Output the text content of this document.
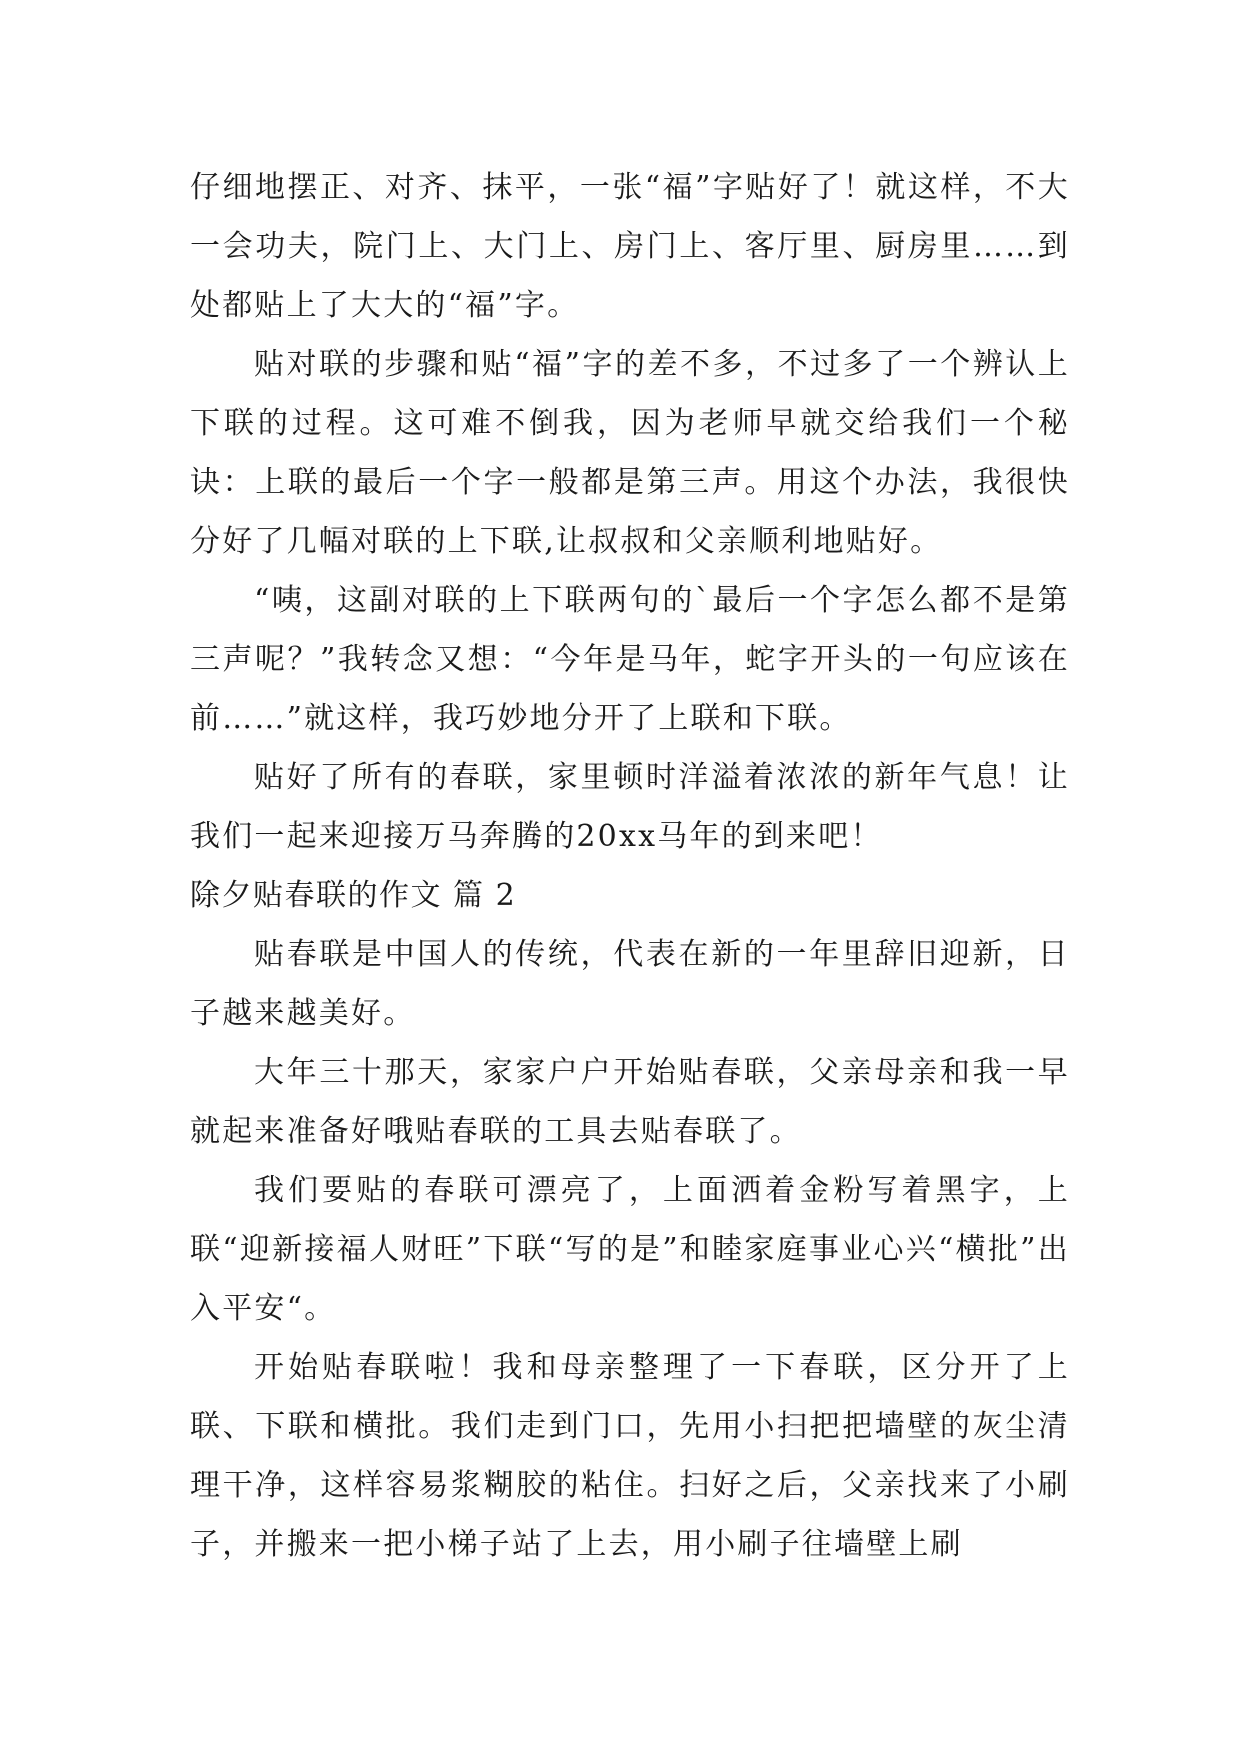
仔细地摆正、对齐、抹平，一张“福”字贴好了！就这样，不大一会功夫，院门上、大门上、房门上、客厅里、厨房里……到处都贴上了大大的“福”字。

贴对联的步骤和贴“福”字的差不多，不过多了一个辨认上下联的过程。这可难不倒我，因为老师早就交给我们一个秘诀：上联的最后一个字一般都是第三声。用这个办法，我很快分好了几幅对联的上下联,让叔叔和父亲顺利地贴好。

“咦，这副对联的上下联两句的`最后一个字怎么都不是第三声呢？”我转念又想：“今年是马年，蛇字开头的一句应该在前……”就这样，我巧妙地分开了上联和下联。

贴好了所有的春联，家里顿时洋溢着浓浓的新年气息！让我们一起来迎接万马奔腾的20xx马年的到来吧！

除夕贴春联的作文 篇 2

贴春联是中国人的传统，代表在新的一年里辞旧迎新，日子越来越美好。

大年三十那天，家家户户开始贴春联，父亲母亲和我一早就起来准备好哦贴春联的工具去贴春联了。

我们要贴的春联可漂亮了，上面洒着金粉写着黑字，上联“迎新接福人财旺”下联“写的是”和睦家庭事业心兴“横批”出入平安“。

开始贴春联啦！我和母亲整理了一下春联，区分开了上联、下联和横批。我们走到门口，先用小扫把把墙壁的灰尘清理干净，这样容易浆糊胶的粘住。扫好之后，父亲找来了小刷子，并搬来一把小梯子站了上去，用小刷子往墙壁上刷
